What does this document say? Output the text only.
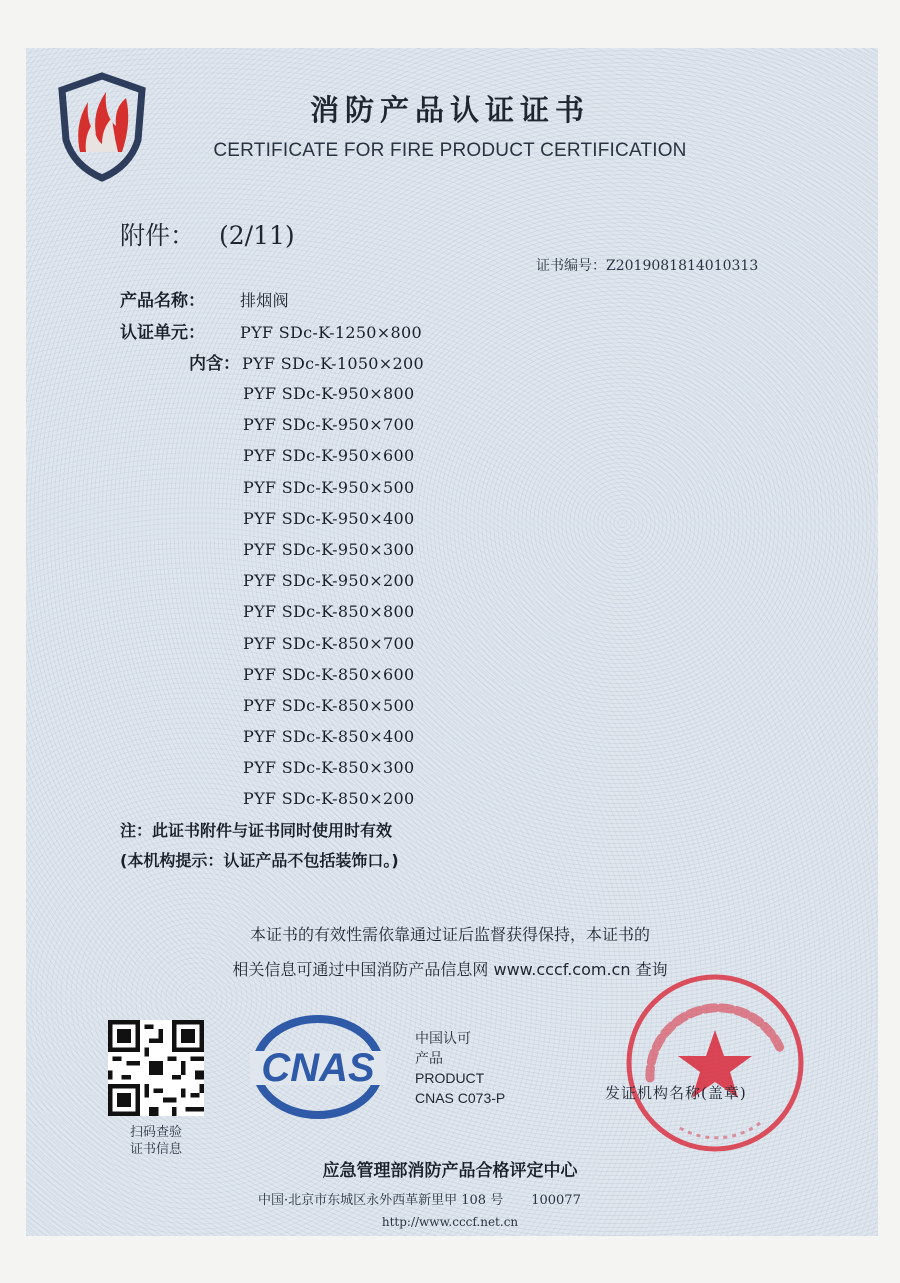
消防产品认证证书
CERTIFICATE FOR FIRE PRODUCT CERTIFICATION
附件： (2/11)
证书编号：Z2019081814010313
产品名称： 排烟阀
认证单元： PYF SDc-K-1250×800
内含： PYF SDc-K-1050×200
PYF SDc-K-950×800
PYF SDc-K-950×700
PYF SDc-K-950×600
PYF SDc-K-950×500
PYF SDc-K-950×400
PYF SDc-K-950×300
PYF SDc-K-950×200
PYF SDc-K-850×800
PYF SDc-K-850×700
PYF SDc-K-850×600
PYF SDc-K-850×500
PYF SDc-K-850×400
PYF SDc-K-850×300
PYF SDc-K-850×200
注：此证书附件与证书同时使用时有效
(本机构提示：认证产品不包括装饰口。)
本证书的有效性需依靠通过证后监督获得保持，本证书的
相关信息可通过中国消防产品信息网 www.cccf.com.cn 查询
扫码查验
证书信息
CNAS
中国认可
产品
PRODUCT
CNAS C073-P	发证机构名称(盖章)
应急管理部消防产品合格评定中心
中国·北京市东城区永外西革新里甲 108 号 100077
http://www.cccf.net.cn
